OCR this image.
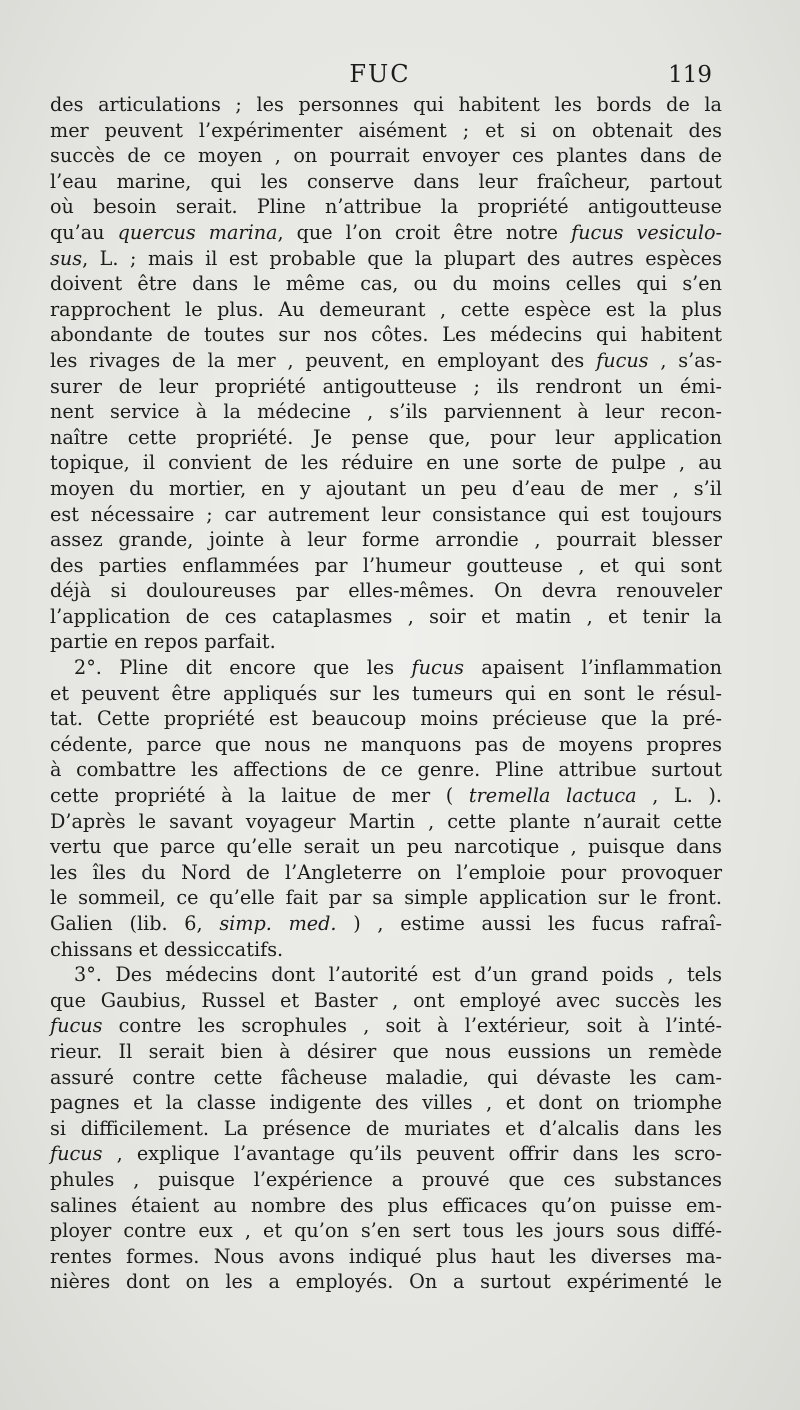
FUC	119
des articulations ; les personnes qui habitent les bords de la
mer peuvent l’expérimenter aisément ; et si on obtenait des
succès de ce moyen , on pourrait envoyer ces plantes dans de
l’eau marine, qui les conserve dans leur fraîcheur, partout
où besoin serait. Pline n’attribue la propriété antigoutteuse
qu’au quercus marina, que l’on croit être notre fucus vesiculo-
sus, L. ; mais il est probable que la plupart des autres espèces
doivent être dans le même cas, ou du moins celles qui s’en
rapprochent le plus. Au demeurant , cette espèce est la plus
abondante de toutes sur nos côtes. Les médecins qui habitent
les rivages de la mer , peuvent, en employant des fucus , s’as-
surer de leur propriété antigoutteuse ; ils rendront un émi-
nent service à la médecine , s’ils parviennent à leur recon-
naître cette propriété. Je pense que, pour leur application
topique, il convient de les réduire en une sorte de pulpe , au
moyen du mortier, en y ajoutant un peu d’eau de mer , s’il
est nécessaire ; car autrement leur consistance qui est toujours
assez grande, jointe à leur forme arrondie , pourrait blesser
des parties enflammées par l’humeur goutteuse , et qui sont
déjà si douloureuses par elles-mêmes. On devra renouveler
l’application de ces cataplasmes , soir et matin , et tenir la
partie en repos parfait.
2°. Pline dit encore que les fucus apaisent l’inflammation
et peuvent être appliqués sur les tumeurs qui en sont le résul-
tat. Cette propriété est beaucoup moins précieuse que la pré-
cédente, parce que nous ne manquons pas de moyens propres
à combattre les affections de ce genre. Pline attribue surtout
cette propriété à la laitue de mer ( tremella lactuca , L. ).
D’après le savant voyageur Martin , cette plante n’aurait cette
vertu que parce qu’elle serait un peu narcotique , puisque dans
les îles du Nord de l’Angleterre on l’emploie pour provoquer
le sommeil, ce qu’elle fait par sa simple application sur le front.
Galien (lib. 6, simp. med. ) , estime aussi les fucus rafraî-
chissans et dessiccatifs.
3°. Des médecins dont l’autorité est d’un grand poids , tels
que Gaubius, Russel et Baster , ont employé avec succès les
fucus contre les scrophules , soit à l’extérieur, soit à l’inté-
rieur. Il serait bien à désirer que nous eussions un remède
assuré contre cette fâcheuse maladie, qui dévaste les cam-
pagnes et la classe indigente des villes , et dont on triomphe
si difficilement. La présence de muriates et d’alcalis dans les
fucus , explique l’avantage qu’ils peuvent offrir dans les scro-
phules , puisque l’expérience a prouvé que ces substances
salines étaient au nombre des plus efficaces qu’on puisse em-
ployer contre eux , et qu’on s’en sert tous les jours sous diffé-
rentes formes. Nous avons indiqué plus haut les diverses ma-
nières dont on les a employés. On a surtout expérimenté le
